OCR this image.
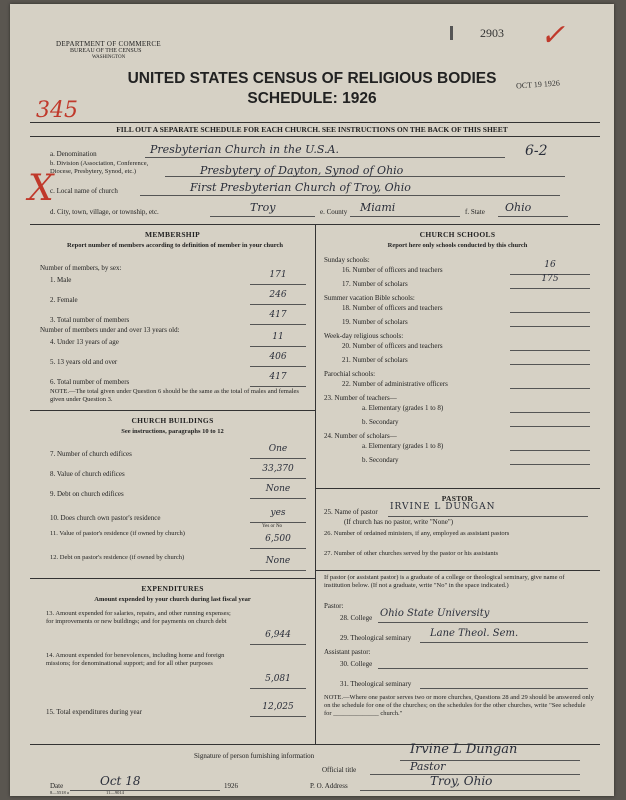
DEPARTMENT OF COMMERCE
BUREAU OF THE CENSUS
WASHINGTON
UNITED STATES CENSUS OF RELIGIOUS BODIES
SCHEDULE: 1926
345
2903 ✓
OCT 19 1926
FILL OUT A SEPARATE SCHEDULE FOR EACH CHURCH. SEE INSTRUCTIONS ON THE BACK OF THIS SHEET
a. Denomination	Presbyterian Church in the U.S.A.	6-2
b. Division (Association, Conference, Diocese, Presbytery, Synod, etc.)	Presbytery of Dayton, Synod of Ohio
c. Local name of church	First Presbyterian Church of Troy, Ohio
X
d. City, town, village, or township, etc.	Troy	e. County Miami	f. State Ohio
MEMBERSHIP
Report number of members according to definition of member in your church
Number of members, by sex:
1. Male	171
2. Female	246
3. Total number of members	417
Number of members under and over 13 years old:
4. Under 13 years of age	11
5. 13 years old and over	406
6. Total number of members	417
NOTE.—The total given under Question 6 should be the same as the total of males and females given under Question 3.
CHURCH BUILDINGS
See instructions, paragraphs 10 to 12
7. Number of church edifices	One
8. Value of church edifices	33,370
9. Debt on church edifices	None
10. Does church own pastor's residence	yes
Yes or No
11. Value of pastor's residence (if owned by church)
6,500
12. Debt on pastor's residence (if owned by church)	None
EXPENDITURES
Amount expended by your church during last fiscal year
13. Amount expended for salaries, repairs, and other running expenses; for improvements or new buildings; and for payments on church debt
6,944
14. Amount expended for benevolences, including home and foreign missions; for denominational support; and for all other purposes
5,081
15. Total expenditures during year	12,025
CHURCH SCHOOLS
Report here only schools conducted by this church
Sunday schools:
16. Number of officers and teachers	16
17. Number of scholars	175
Summer vacation Bible schools:
18. Number of officers and teachers
19. Number of scholars
Week-day religious schools:
20. Number of officers and teachers
21. Number of scholars
Parochial schools:
22. Number of administrative officers
23. Number of teachers—
a. Elementary (grades 1 to 8)
b. Secondary
24. Number of scholars—
a. Elementary (grades 1 to 8)
b. Secondary
PASTOR
25. Name of pastor IRVINE L DUNGAN
(If church has no pastor, write "None")
26. Number of ordained ministers, if any, employed as assistant pastors
27. Number of other churches served by the pastor or his assistants
If pastor (or assistant pastor) is a graduate of a college or theological seminary, give name of institution below. (If not a graduate, write "No" in the space indicated.)
Pastor:
28. College Ohio State University
29. Theological seminary Lane Theol. Sem.
Assistant pastor:
30. College
31. Theological seminary
NOTE.—Where one pastor serves two or more churches, Questions 28 and 29 should be answered only on the schedule for one of the churches; on the schedules for the other churches, write "See schedule for ______________ church."
Signature of person furnishing information	Irvine L Dungan
Official title	Pastor
Date	Oct 18	1926	P. O. Address	Troy, Ohio
8—5518 a	11—9014
